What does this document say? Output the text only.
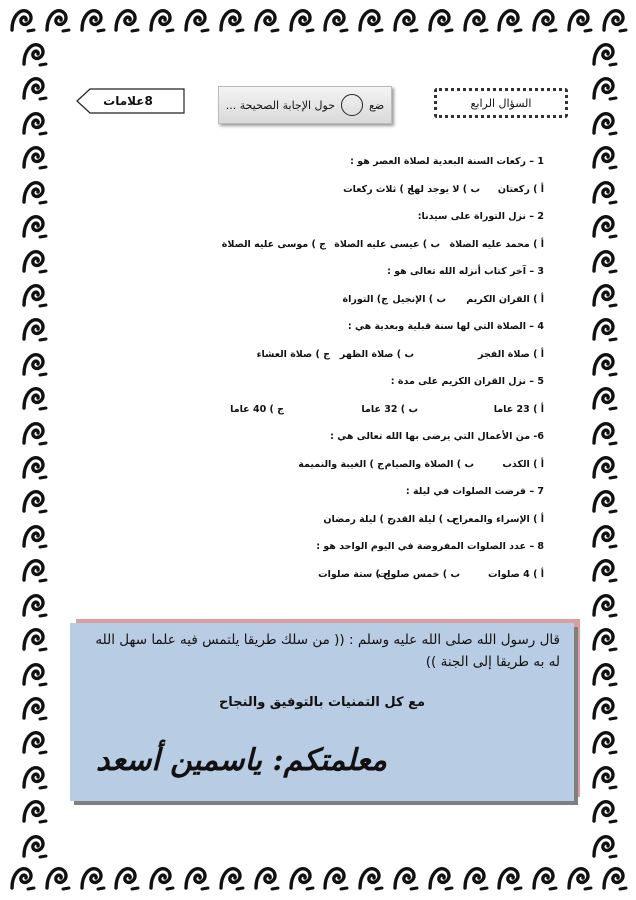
السؤال الرابع
ضع
حول الإجابة الصحيحة ...
8علامات
1 – ركعات السنة البعدية لصلاة العصر هو :
أ ) ركعتان
ب ) لا يوجد لها
ج ) ثلاث ركعات
2 – نزل التوراة على سيدنا:
أ ) محمد عليه الصلاة
ب ) عيسى عليه الصلاة
ج ) موسى عليه الصلاة
3 – آخر كتاب أنزله الله تعالى هو :
أ ) القران الكريم
ب ) الإنجيل
ج) التوراة
4 – الصلاة التي لها سنة قبلية وبعدية هي :
أ ) صلاة الفجر
ب ) صلاة الظهر
ج ) صلاة العشاء
5 – نزل القران الكريم على مدة :
أ ) 23 عاما
ب ) 32 عاما
ج ) 40 عاما
6- من الأعمال التي يرضى بها الله تعالى هي :
أ ) الكذب
ب ) الصلاة والصيام
ج ) الغيبة والنميمة
7 – فرضت الصلوات في ليلة :
أ ) الإسراء والمعراج
ب ) ليلة القدر
ج ) ليلة رمضان
8 – عدد الصلوات المفروضة في اليوم الواحد هو :
أ ) 4 صلوات
ب ) خمس صلوات
ج ) ستة صلوات
قال رسول الله صلى الله عليه وسلم : (( من سلك طريقا يلتمس فيه علما سهل الله له به طريقا إلى الجنة ))
مع كل التمنيات بالتوفيق والنجاح
معلمتكم: ياسمين أسعد
